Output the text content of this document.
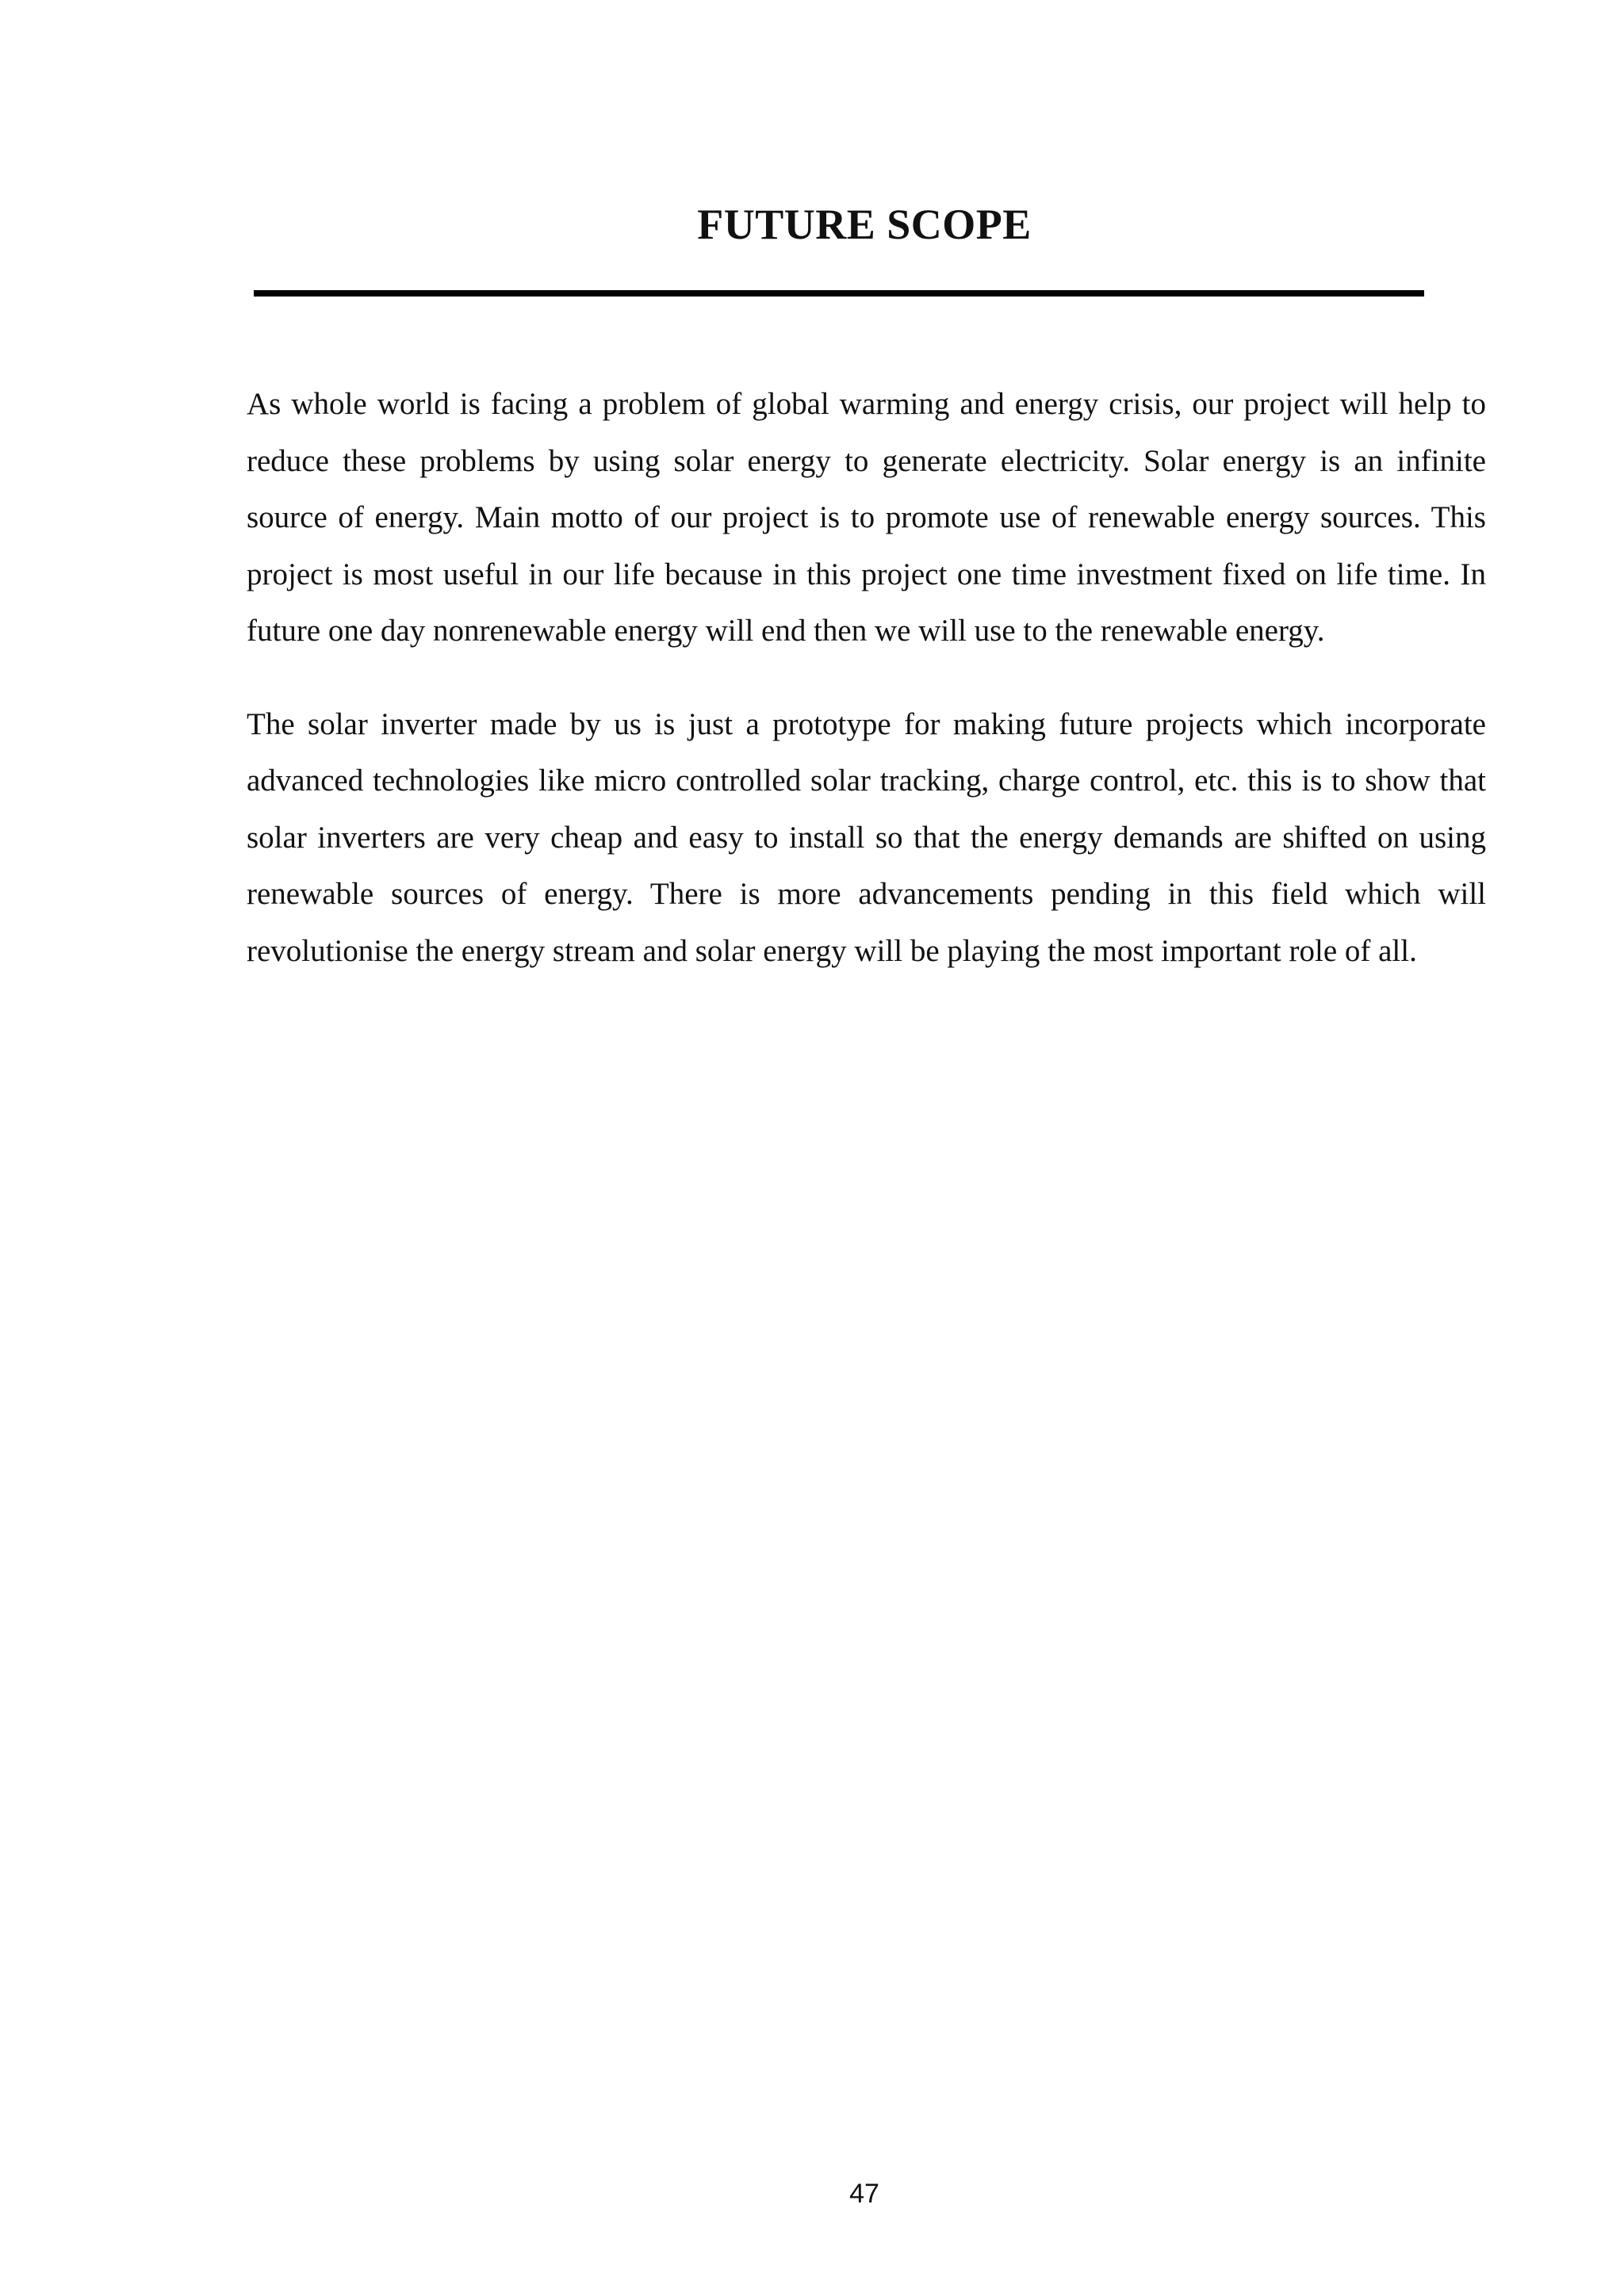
FUTURE SCOPE

As whole world is facing a problem of global warming and energy crisis, our project will help to reduce these problems by using solar energy to generate electricity. Solar energy is an infinite source of energy. Main motto of our project is to promote use of renewable energy sources. This project is most useful in our life because in this project one time investment fixed on life time. In future one day nonrenewable energy will end then we will use to the renewable energy.

The solar inverter made by us is just a prototype for making future projects which incorporate advanced technologies like micro controlled solar tracking, charge control, etc. this is to show that solar inverters are very cheap and easy to install so that the energy demands are shifted on using renewable sources of energy. There is more advancements pending in this field which will revolutionise the energy stream and solar energy will be playing the most important role of all.

47
